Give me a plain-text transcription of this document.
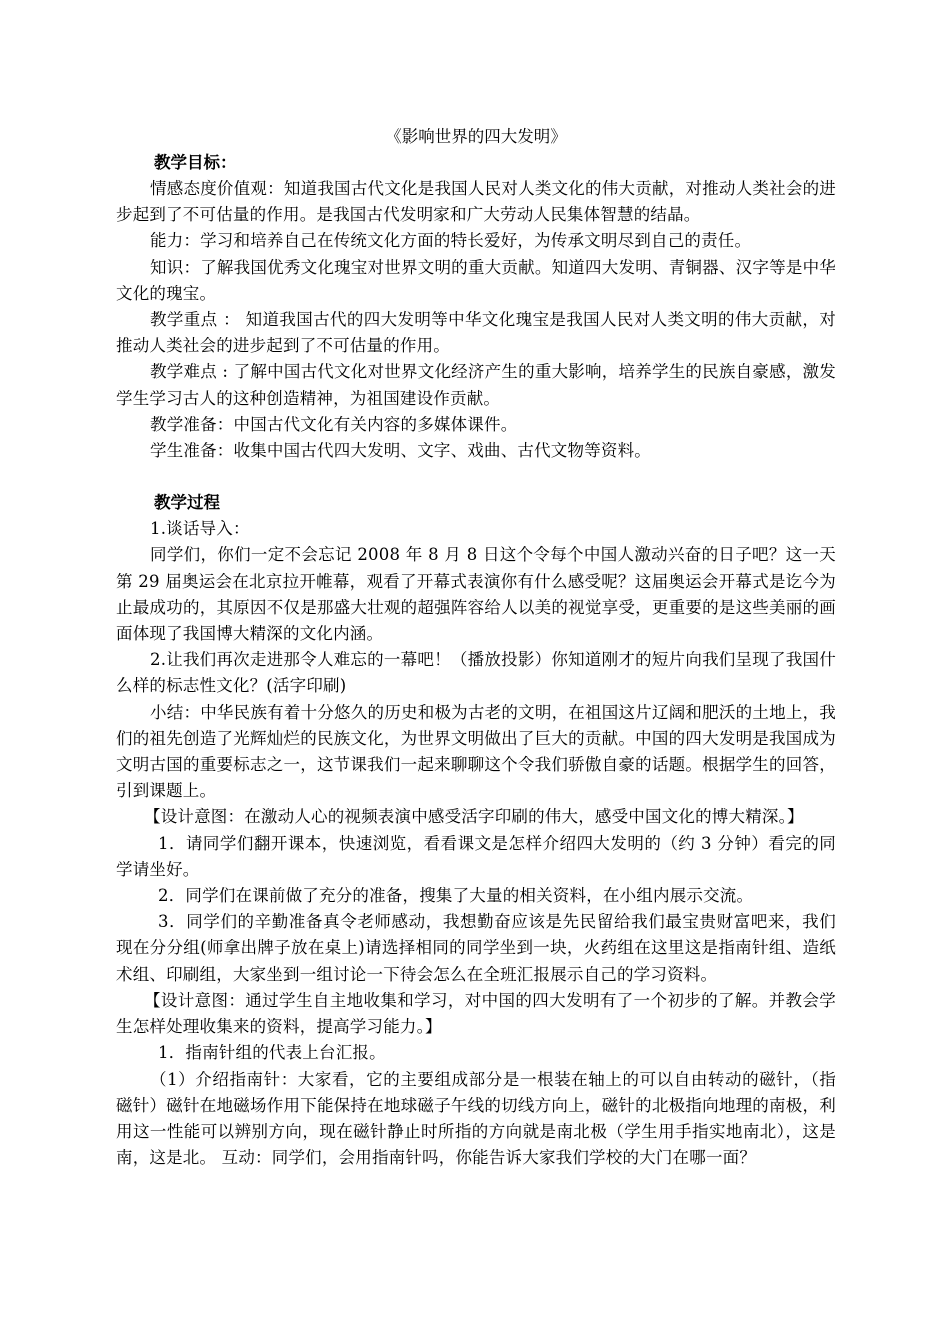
《影响世界的四大发明》

教学目标：

情感态度价值观：知道我国古代文化是我国人民对人类文化的伟大贡献，对推动人类社会的进步起到了不可估量的作用。是我国古代发明家和广大劳动人民集体智慧的结晶。

能力：学习和培养自己在传统文化方面的特长爱好，为传承文明尽到自己的责任。

知识：了解我国优秀文化瑰宝对世界文明的重大贡献。知道四大发明、青铜器、汉字等是中华文化的瑰宝。

教学重点 ： 知道我国古代的四大发明等中华文化瑰宝是我国人民对人类文明的伟大贡献，对推动人类社会的进步起到了不可估量的作用。

教学难点 : 了解中国古代文化对世界文化经济产生的重大影响，培养学生的民族自豪感，激发学生学习古人的这种创造精神，为祖国建设作贡献。

教学准备：中国古代文化有关内容的多媒体课件。

学生准备：收集中国古代四大发明、文字、戏曲、古代文物等资料。

教学过程

1.谈话导入：

同学们，你们一定不会忘记 2008 年 8 月 8 日这个令每个中国人激动兴奋的日子吧？这一天第 29 届奥运会在北京拉开帷幕，观看了开幕式表演你有什么感受呢？这届奥运会开幕式是讫今为止最成功的，其原因不仅是那盛大壮观的超强阵容给人以美的视觉享受，更重要的是这些美丽的画面体现了我国博大精深的文化内涵。

2.让我们再次走进那令人难忘的一幕吧！（播放投影）你知道刚才的短片向我们呈现了我国什么样的标志性文化？(活字印刷)

小结：中华民族有着十分悠久的历史和极为古老的文明，在祖国这片辽阔和肥沃的土地上，我们的祖先创造了光辉灿烂的民族文化，为世界文明做出了巨大的贡献。中国的四大发明是我国成为文明古国的重要标志之一，这节课我们一起来聊聊这个令我们骄傲自豪的话题。根据学生的回答，引到课题上。

【设计意图：在激动人心的视频表演中感受活字印刷的伟大，感受中国文化的博大精深。】

1．请同学们翻开课本，快速浏览，看看课文是怎样介绍四大发明的（约 3 分钟）看完的同学请坐好。

2．同学们在课前做了充分的准备，搜集了大量的相关资料，在小组内展示交流。

3．同学们的辛勤准备真令老师感动，我想勤奋应该是先民留给我们最宝贵财富吧来，我们现在分分组(师拿出牌子放在桌上)请选择相同的同学坐到一块，火药组在这里这是指南针组、造纸术组、印刷组，大家坐到一组讨论一下待会怎么在全班汇报展示自己的学习资料。

【设计意图：通过学生自主地收集和学习，对中国的四大发明有了一个初步的了解。并教会学生怎样处理收集来的资料，提高学习能力。】

1．指南针组的代表上台汇报。

（1）介绍指南针：大家看，它的主要组成部分是一根装在轴上的可以自由转动的磁针，（指磁针）磁针在地磁场作用下能保持在地球磁子午线的切线方向上，磁针的北极指向地理的南极，利用这一性能可以辨别方向，现在磁针静止时所指的方向就是南北极（学生用手指实地南北），这是南，这是北。 互动：同学们，会用指南针吗，你能告诉大家我们学校的大门在哪一面？
